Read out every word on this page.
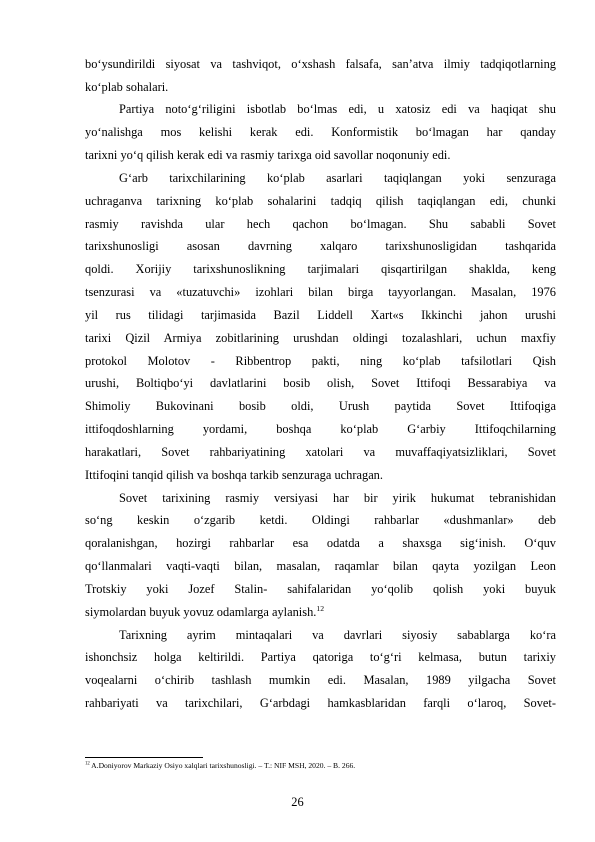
bo‘ysundirildi siyosat va tashviqot, o‘xshash falsafa, san’atva ilmiy tadqiqotlarning
ko‘plab sohalari.
Partiya noto‘g‘riligini isbotlab bo‘lmas edi, u xatosiz edi va haqiqat shu
yo‘nalishga mos kelishi kerak edi. Konformistik bo‘lmagan har qanday
tarixni yo‘q qilish kerak edi va rasmiy tarixga oid savollar noqonuniy edi.
G‘arb tarixchilarining ko‘plab asarlari taqiqlangan yoki senzuraga
uchraganva tarixning ko‘plab sohalarini tadqiq qilish taqiqlangan edi, chunki
rasmiy ravishda ular hech qachon bo‘lmagan. Shu sababli Sovet
tarixshunosligi asosan davrning xalqaro tarixshunosligidan tashqarida
qoldi. Xorijiy tarixshunoslikning tarjimalari qisqartirilgan shaklda, keng
tsenzurasi va «tuzatuvchi» izohlari bilan birga tayyorlangan. Masalan, 1976
yil rus tilidagi tarjimasida Bazil Liddell Xart«s Ikkinchi jahon urushi
tarixi Qizil Armiya zobitlarining urushdan oldingi tozalashlari, uchun maxfiy
protokol Molotov - Ribbentrop pakti, ning ko‘plab tafsilotlari Qish
urushi, Boltiqbo‘yi davlatlarini bosib olish, Sovet Ittifoqi Bessarabiya va
Shimoliy Bukovinani bosib oldi, Urush paytida Sovet Ittifoqiga
ittifoqdoshlarning yordami, boshqa ko‘plab G‘arbiy Ittifoqchilarning
harakatlari, Sovet rahbariyatining xatolari va muvaffaqiyatsizliklari, Sovet
Ittifoqini tanqid qilish va boshqa tarkib senzuraga uchragan.
Sovet tarixining rasmiy versiyasi har bir yirik hukumat tebranishidan
so‘ng keskin o‘zgarib ketdi. Oldingi rahbarlar «dushmanlar» deb
qoralanishgan, hozirgi rahbarlar esa odatda a shaxsga sig‘inish. O‘quv
qo‘llanmalari vaqti-vaqti bilan, masalan, raqamlar bilan qayta yozilgan Leon
Trotskiy yoki Jozef Stalin- sahifalaridan yo‘qolib qolish yoki buyuk
siymolardan buyuk yovuz odamlarga aylanish.$^{12}$
Tarixning ayrim mintaqalari va davrlari siyosiy sabablarga ko‘ra
ishonchsiz holga keltirildi. Partiya qatoriga to‘g‘ri kelmasa, butun tarixiy
voqealarni o‘chirib tashlash mumkin edi. Masalan, 1989 yilgacha Sovet
rahbariyati va tarixchilari, G‘arbdagi hamkasblaridan farqli o‘laroq, Sovet-
$^{12}$ A.Doniyorov Markaziy Osiyo xalqlari tarixshunosligi. – T.: NIF MSH, 2020. – B. 266.
26
